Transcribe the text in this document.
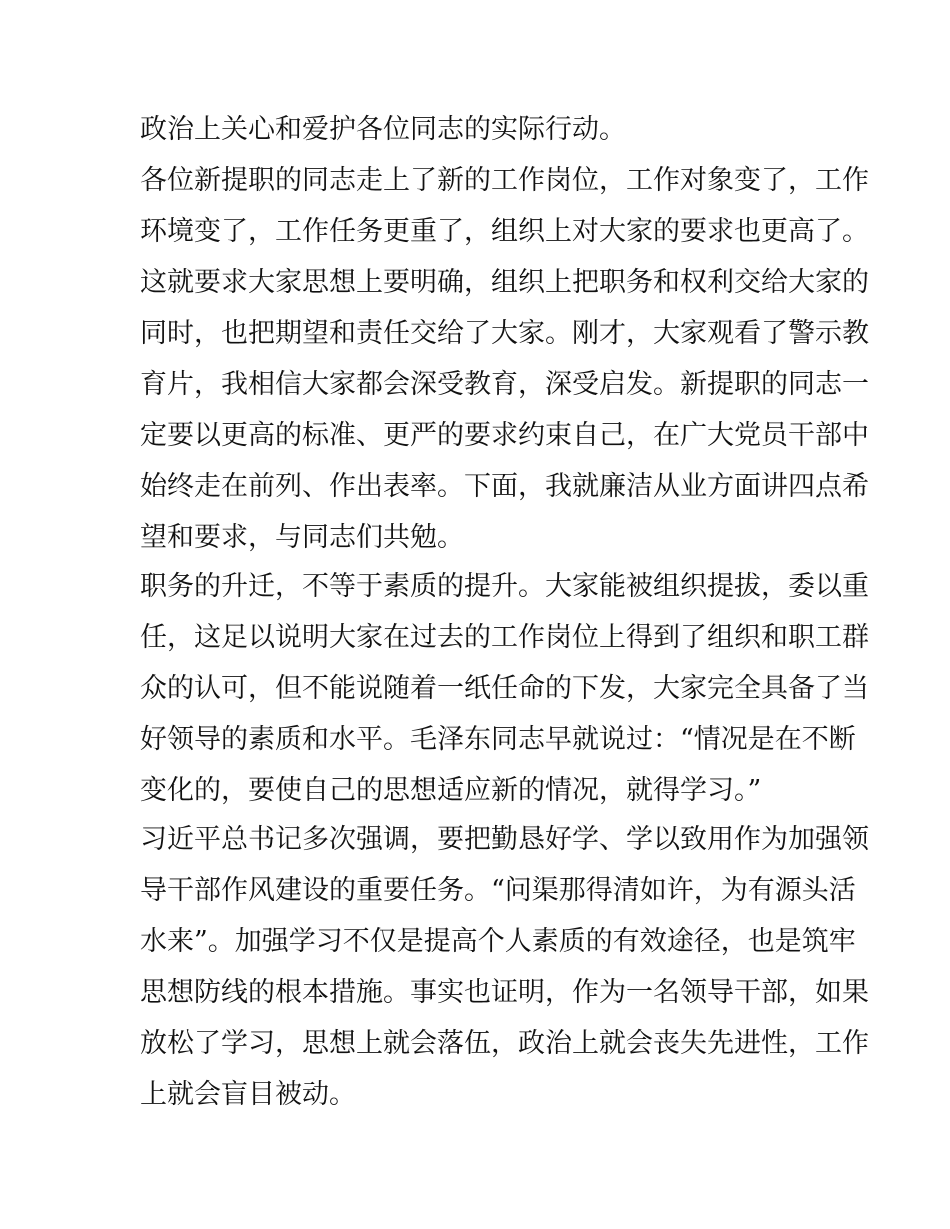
政治上关心和爱护各位同志的实际行动。
各位新提职的同志走上了新的工作岗位，工作对象变了，工作
环境变了，工作任务更重了，组织上对大家的要求也更高了。
这就要求大家思想上要明确，组织上把职务和权利交给大家的
同时，也把期望和责任交给了大家。刚才，大家观看了警示教
育片，我相信大家都会深受教育，深受启发。新提职的同志一
定要以更高的标准、更严的要求约束自己，在广大党员干部中
始终走在前列、作出表率。下面，我就廉洁从业方面讲四点希
望和要求，与同志们共勉。
职务的升迁，不等于素质的提升。大家能被组织提拔，委以重
任，这足以说明大家在过去的工作岗位上得到了组织和职工群
众的认可，但不能说随着一纸任命的下发，大家完全具备了当
好领导的素质和水平。毛泽东同志早就说过：“情况是在不断
变化的，要使自己的思想适应新的情况，就得学习。”
习近平总书记多次强调，要把勤恳好学、学以致用作为加强领
导干部作风建设的重要任务。“问渠那得清如许，为有源头活
水来”。加强学习不仅是提高个人素质的有效途径，也是筑牢
思想防线的根本措施。事实也证明，作为一名领导干部，如果
放松了学习，思想上就会落伍，政治上就会丧失先进性，工作
上就会盲目被动。
